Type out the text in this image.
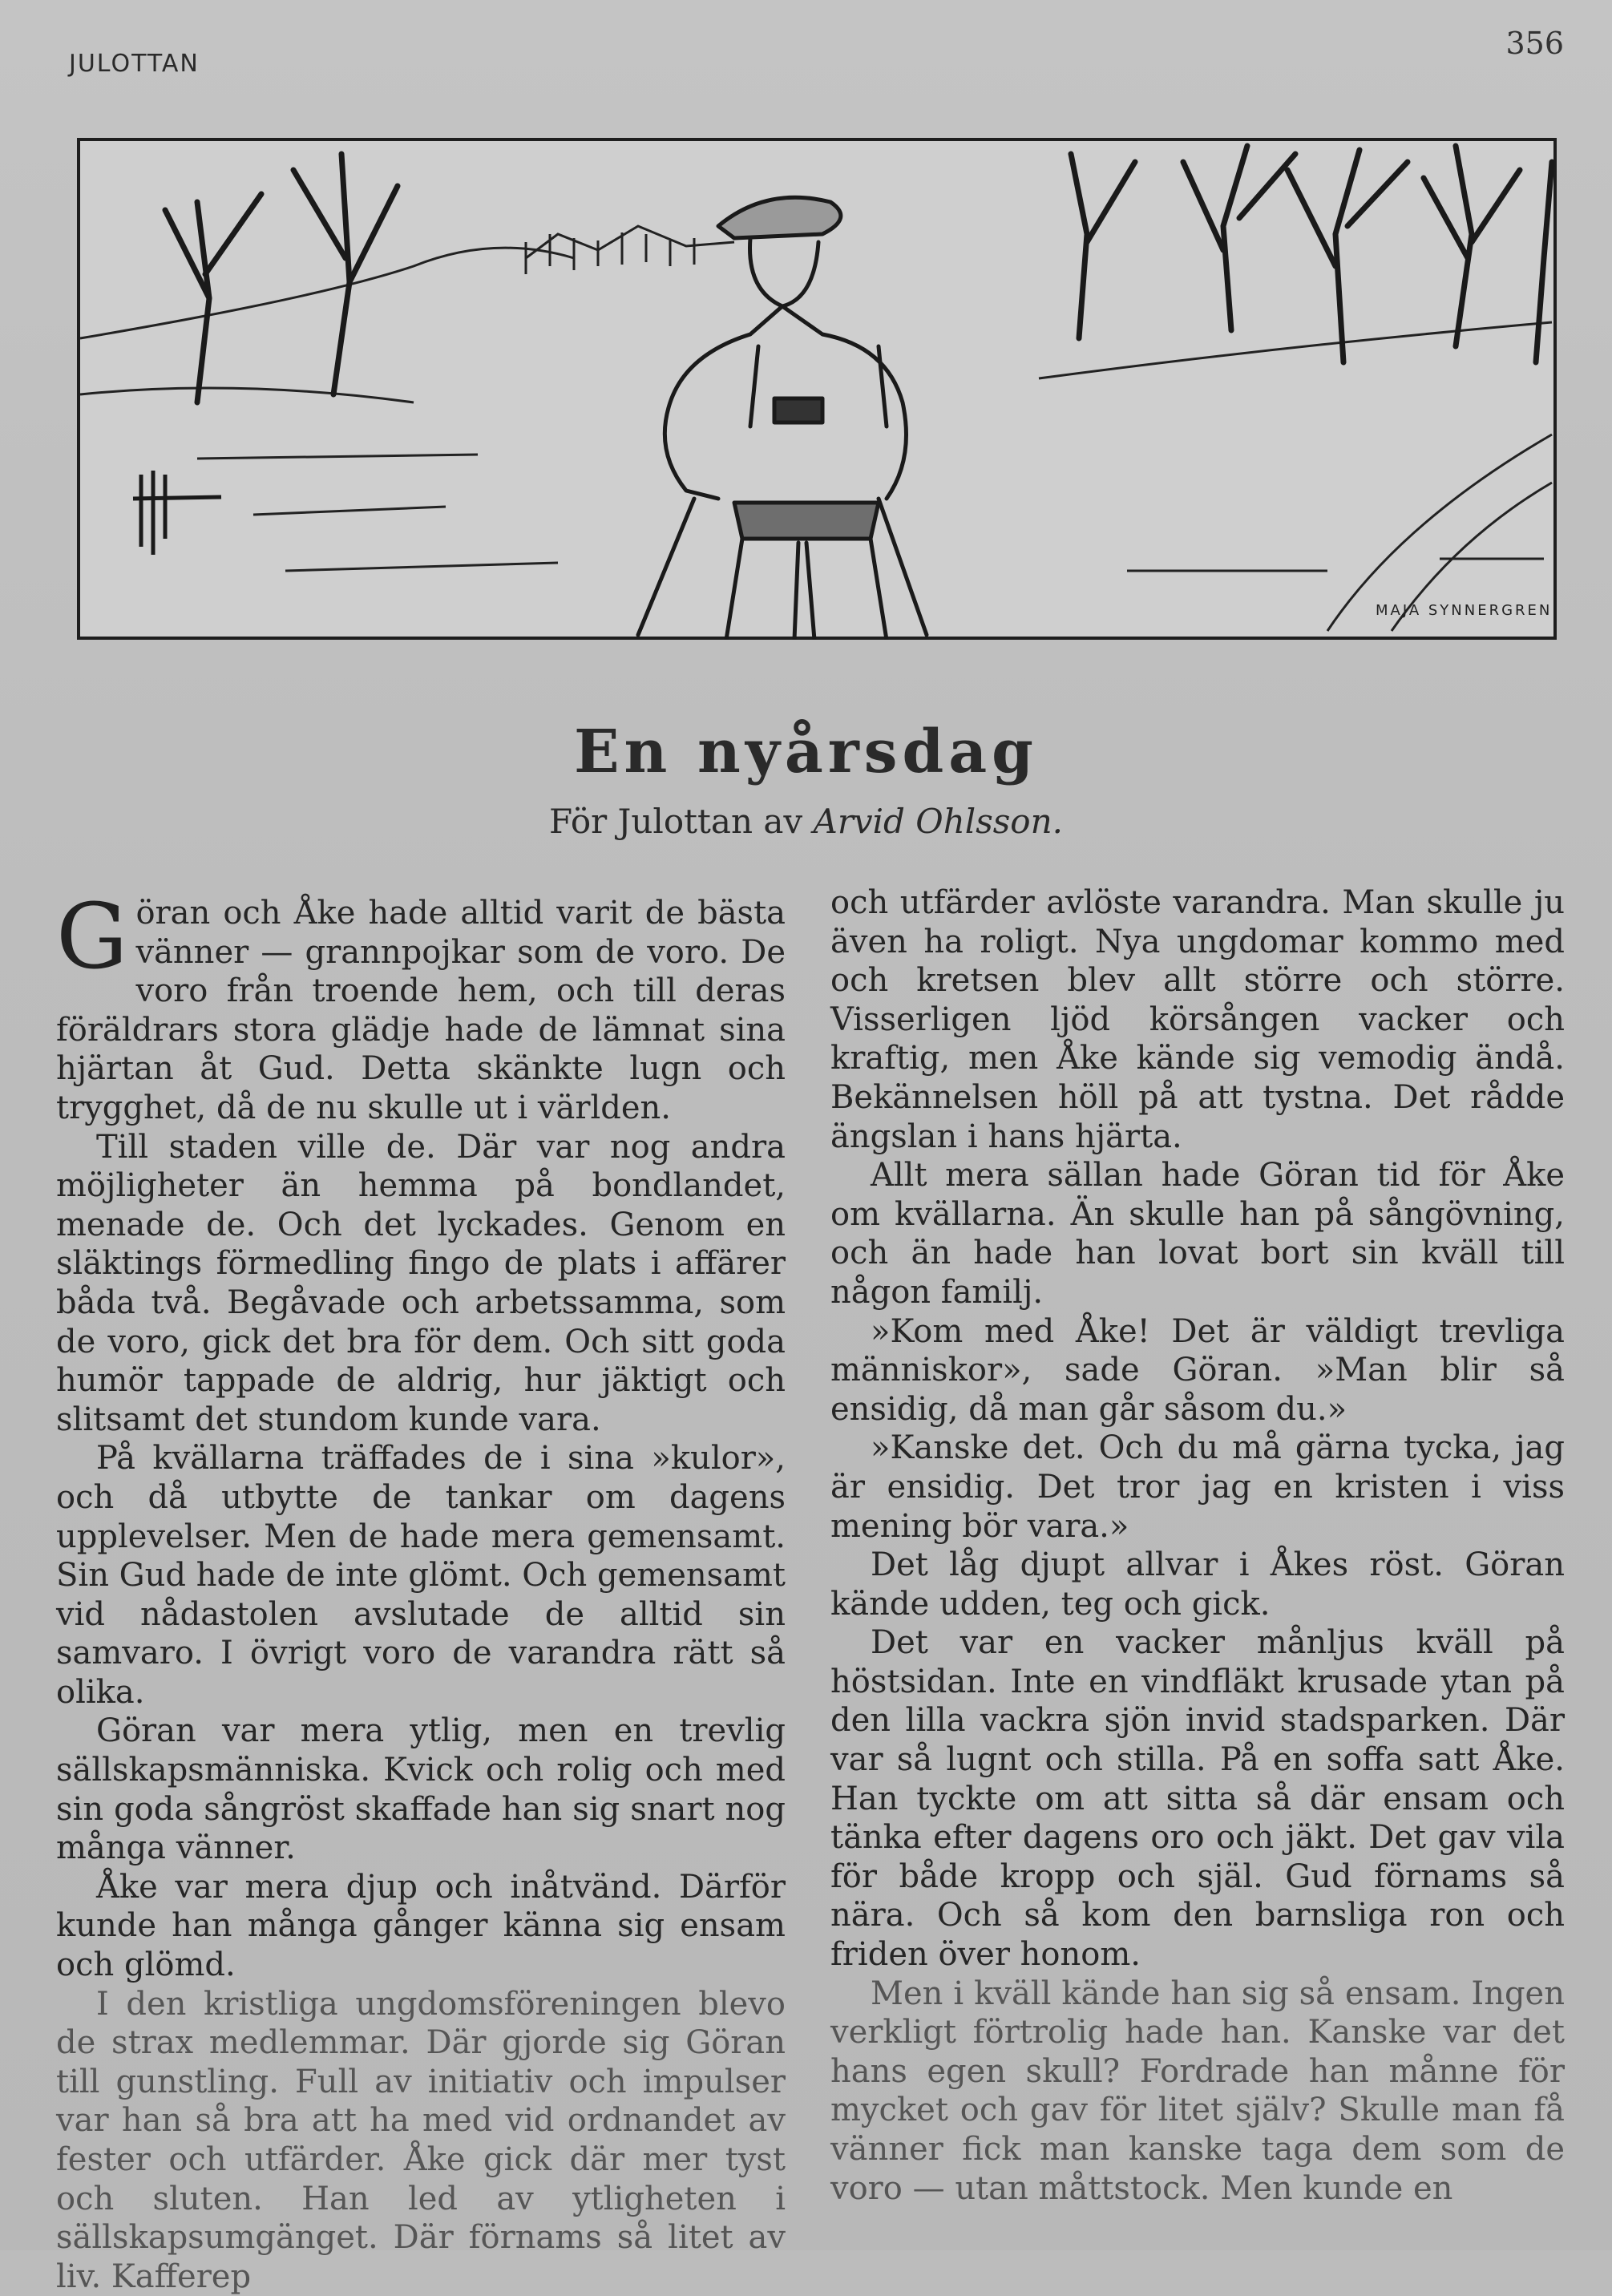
JULOTTAN
356
MAJA SYNNERGREN
En nyårsdag
För Julottan av Arvid Ohlsson.

Göran och Åke hade alltid varit de bästa vänner — grannpojkar som de voro. De voro från troende hem, och till deras föräldrars stora glädje hade de lämnat sina hjärtan åt Gud. Detta skänkte lugn och trygghet, då de nu skulle ut i världen.

Till staden ville de. Där var nog andra möjligheter än hemma på bondlandet, menade de. Och det lyckades. Genom en släktings förmedling fingo de plats i affärer båda två. Begåvade och arbetssamma, som de voro, gick det bra för dem. Och sitt goda humör tappade de aldrig, hur jäktigt och slitsamt det stundom kunde vara.

På kvällarna träffades de i sina »kulor», och då utbytte de tankar om dagens upplevelser. Men de hade mera gemensamt. Sin Gud hade de inte glömt. Och gemensamt vid nådastolen avslutade de alltid sin samvaro. I övrigt voro de varandra rätt så olika.

Göran var mera ytlig, men en trevlig sällskapsmänniska. Kvick och rolig och med sin goda sångröst skaffade han sig snart nog många vänner.

Åke var mera djup och inåtvänd. Därför kunde han många gånger känna sig ensam och glömd.

I den kristliga ungdomsföreningen blevo de strax medlemmar. Där gjorde sig Göran till gunstling. Full av initiativ och impulser var han så bra att ha med vid ordnandet av fester och utfärder. Åke gick där mer tyst och sluten. Han led av ytligheten i sällskapsumgänget. Där förnams så litet av liv. Kafferep

och utfärder avlöste varandra. Man skulle ju även ha roligt. Nya ungdomar kommo med och kretsen blev allt större och större. Visserligen ljöd körsången vacker och kraftig, men Åke kände sig vemodig ändå. Bekännelsen höll på att tystna. Det rådde ängslan i hans hjärta.

Allt mera sällan hade Göran tid för Åke om kvällarna. Än skulle han på sångövning, och än hade han lovat bort sin kväll till någon familj.

»Kom med Åke! Det är väldigt trevliga människor», sade Göran. »Man blir så ensidig, då man går såsom du.»

»Kanske det. Och du må gärna tycka, jag är ensidig. Det tror jag en kristen i viss mening bör vara.»

Det låg djupt allvar i Åkes röst. Göran kände udden, teg och gick.

Det var en vacker månljus kväll på höstsidan. Inte en vindfläkt krusade ytan på den lilla vackra sjön invid stadsparken. Där var så lugnt och stilla. På en soffa satt Åke. Han tyckte om att sitta så där ensam och tänka efter dagens oro och jäkt. Det gav vila för både kropp och själ. Gud förnams så nära. Och så kom den barnsliga ron och friden över honom.

Men i kväll kände han sig så ensam. Ingen verkligt förtrolig hade han. Kanske var det hans egen skull? Fordrade han månne för mycket och gav för litet själv? Skulle man få vänner fick man kanske taga dem som de voro — utan måttstock. Men kunde en
